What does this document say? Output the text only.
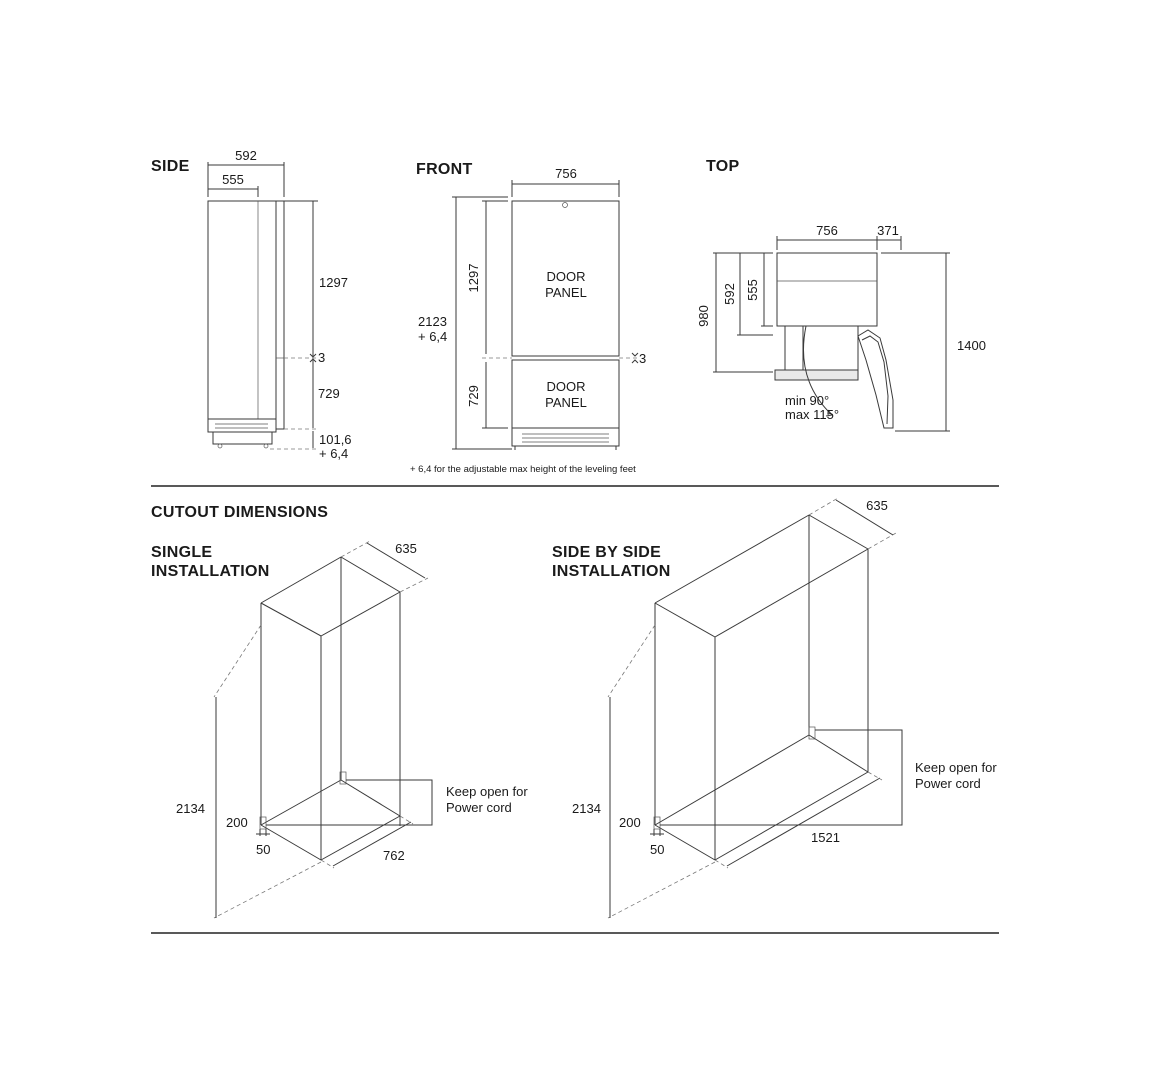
SIDE	FRONT	TOP
CUTOUT DIMENSIONS
SINGLE
INSTALLATION
SIDE BY SIDE
INSTALLATION
592
555
1297
3
729
101,6
+ 6,4
756
2123
+ 6,4
1297
729
3
DOOR
PANEL
DOOR
PANEL
+ 6,4 for the adjustable max height of the leveling feet
756	371
980
592 555
1400
min 90°
max 115°
635
2134
200
50	762
Keep open for
Power cord
635
2134
200
50
1521
Keep open for
Power cord
